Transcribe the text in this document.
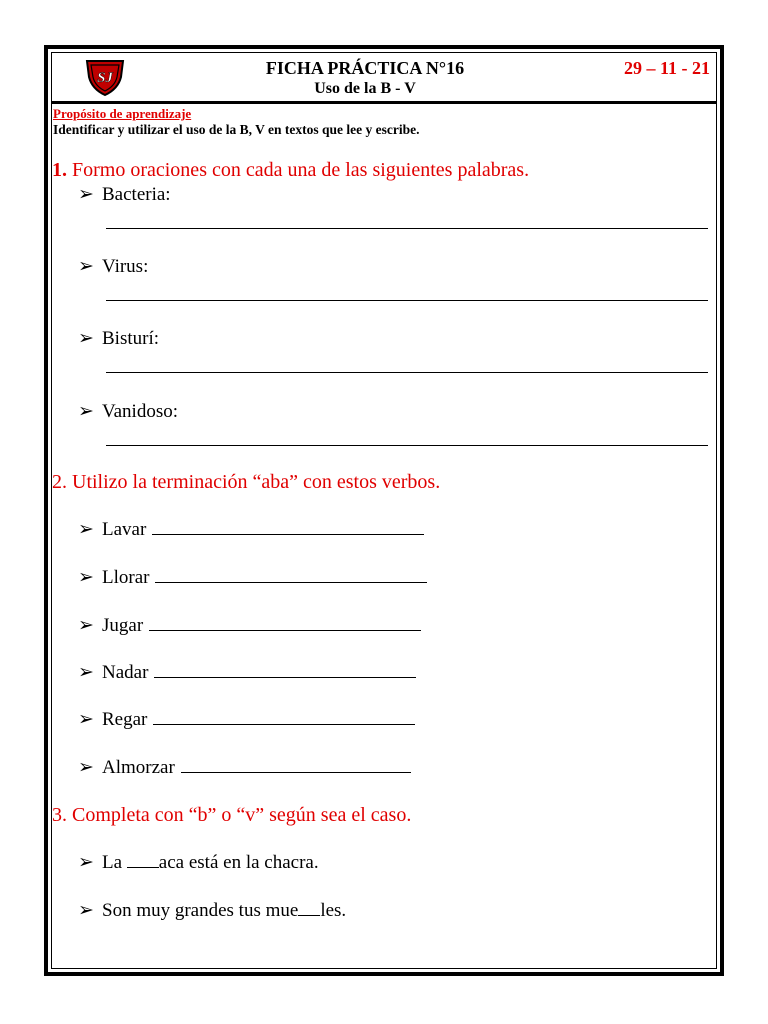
SJ	FICHA PRÁCTICA N°16
Uso de la B - V
29 – 11 - 21
Propósito de aprendizaje
Identificar y utilizar el uso de la B, V en textos que lee y escribe.
1. Formo oraciones con cada una de las siguientes palabras.
➢ Bacteria:
➢ Virus:
➢ Bisturí:
➢ Vanidoso:
2. Utilizo la terminación “aba” con estos verbos.
➢ Lavar
➢ Llorar
➢ Jugar
➢ Nadar
➢ Regar
➢ Almorzar
3. Completa con “b” o “v” según sea el caso.
➢ La aca está en la chacra.
➢ Son muy grandes tus mue les.
